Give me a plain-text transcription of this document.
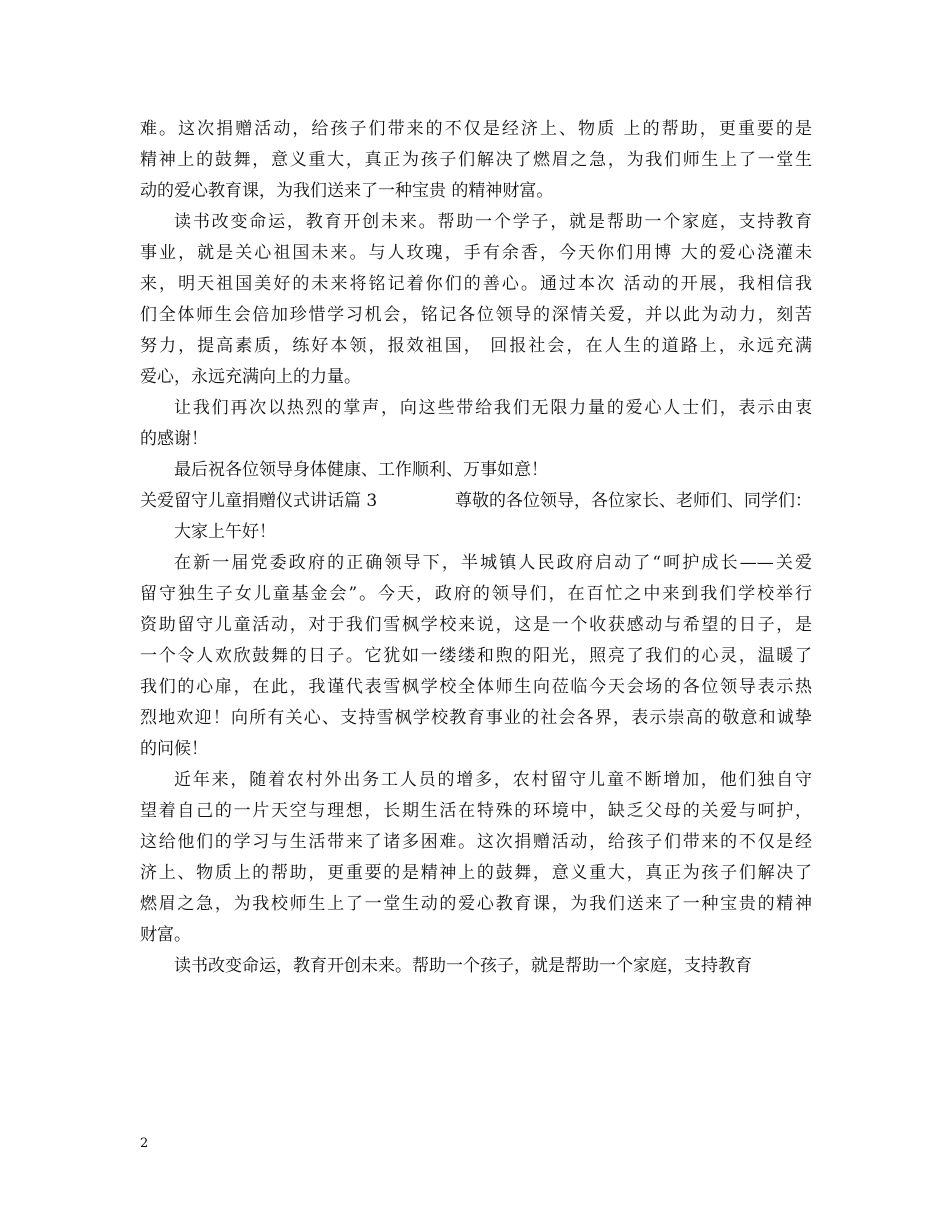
难。这次捐赠活动，给孩子们带来的不仅是经济上、物质 上的帮助，更重要的是
精神上的鼓舞，意义重大，真正为孩子们解决了燃眉之急，为我们师生上了一堂生
动的爱心教育课，为我们送来了一种宝贵 的精神财富。
读书改变命运，教育开创未来。帮助一个学子，就是帮助一个家庭，支持教育
事业，就是关心祖国未来。与人玫瑰，手有余香，今天你们用博 大的爱心浇灌未
来，明天祖国美好的未来将铭记着你们的善心。通过本次 活动的开展，我相信我
们全体师生会倍加珍惜学习机会，铭记各位领导的深情关爱，并以此为动力，刻苦
努力，提高素质，练好本领，报效祖国， 回报社会，在人生的道路上，永远充满
爱心，永远充满向上的力量。
让我们再次以热烈的掌声，向这些带给我们无限力量的爱心人士们，表示由衷
的感谢！
最后祝各位领导身体健康、工作顺利、万事如意！
关爱留守儿童捐赠仪式讲话篇 3	尊敬的各位领导，各位家长、老师们、同学们：
大家上午好！
在新一届党委政府的正确领导下，半城镇人民政府启动了“呵护成长——关爱
留守独生子女儿童基金会”。今天，政府的领导们，在百忙之中来到我们学校举行
资助留守儿童活动，对于我们雪枫学校来说，这是一个收获感动与希望的日子，是
一个令人欢欣鼓舞的日子。它犹如一缕缕和煦的阳光，照亮了我们的心灵，温暖了
我们的心扉，在此，我谨代表雪枫学校全体师生向莅临今天会场的各位领导表示热
烈地欢迎！向所有关心、支持雪枫学校教育事业的社会各界，表示崇高的敬意和诚挚
的问候！
近年来，随着农村外出务工人员的增多，农村留守儿童不断增加，他们独自守
望着自己的一片天空与理想，长期生活在特殊的环境中，缺乏父母的关爱与呵护，
这给他们的学习与生活带来了诸多困难。这次捐赠活动，给孩子们带来的不仅是经
济上、物质上的帮助，更重要的是精神上的鼓舞，意义重大，真正为孩子们解决了
燃眉之急，为我校师生上了一堂生动的爱心教育课，为我们送来了一种宝贵的精神
财富。
读书改变命运，教育开创未来。帮助一个孩子，就是帮助一个家庭，支持教育
2
